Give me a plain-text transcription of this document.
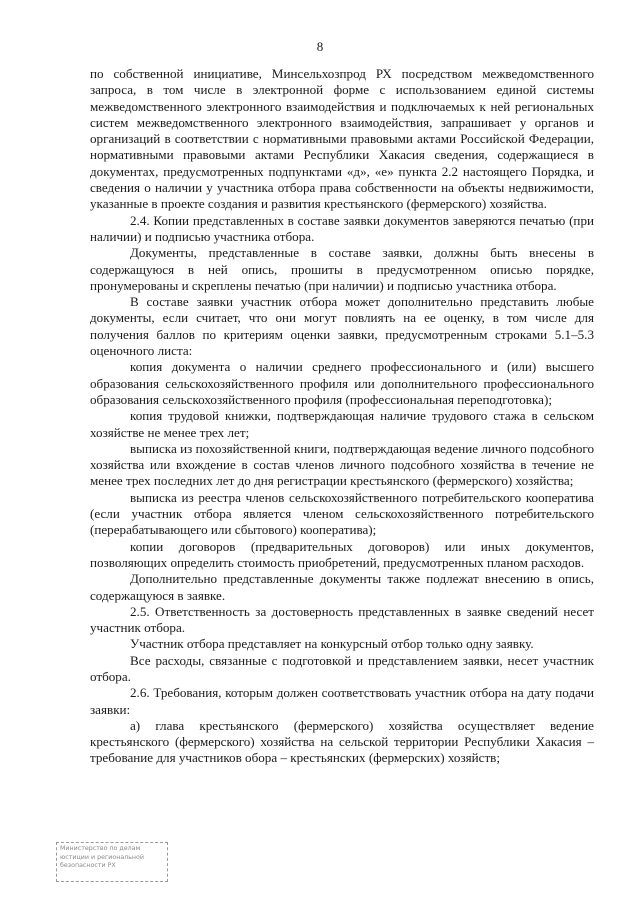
8

по собственной инициативе, Минсельхозпрод РХ посредством межведомственного запроса, в том числе в электронной форме с использованием единой системы межведомственного электронного взаимодействия и подключаемых к ней региональных систем межведомственного электронного взаимодействия, запрашивает у органов и организаций в соответствии с нормативными правовыми актами Российской Федерации, нормативными правовыми актами Республики Хакасия сведения, содержащиеся в документах, предусмотренных подпунктами «д», «е» пункта 2.2 настоящего Порядка, и сведения о наличии у участника отбора права собственности на объекты недвижимости, указанные в проекте создания и развития крестьянского (фермерского) хозяйства.

2.4. Копии представленных в составе заявки документов заверяются печатью (при наличии) и подписью участника отбора.

Документы, представленные в составе заявки, должны быть внесены в содержащуюся в ней опись, прошиты в предусмотренном описью порядке, пронумерованы и скреплены печатью (при наличии) и подписью участника отбора.

В составе заявки участник отбора может дополнительно представить любые документы, если считает, что они могут повлиять на ее оценку, в том числе для получения баллов по критериям оценки заявки, предусмотренным строками 5.1–5.3 оценочного листа:

копия документа о наличии среднего профессионального и (или) высшего образования сельскохозяйственного профиля или дополнительного профессионального образования сельскохозяйственного профиля (профессиональная переподготовка);

копия трудовой книжки, подтверждающая наличие трудового стажа в сельском хозяйстве не менее трех лет;

выписка из похозяйственной книги, подтверждающая ведение личного подсобного хозяйства или вхождение в состав членов личного подсобного хозяйства в течение не менее трех последних лет до дня регистрации крестьянского (фермерского) хозяйства;

выписка из реестра членов сельскохозяйственного потребительского кооператива (если участник отбора является членом сельскохозяйственного потребительского (перерабатывающего или сбытового) кооператива);

копии договоров (предварительных договоров) или иных документов, позволяющих определить стоимость приобретений, предусмотренных планом расходов.

Дополнительно представленные документы также подлежат внесению в опись, содержащуюся в заявке.

2.5. Ответственность за достоверность представленных в заявке сведений несет участник отбора.

Участник отбора представляет на конкурсный отбор только одну заявку.

Все расходы, связанные с подготовкой и представлением заявки, несет участник отбора.

2.6. Требования, которым должен соответствовать участник отбора на дату подачи заявки:

а) глава крестьянского (фермерского) хозяйства осуществляет ведение крестьянского (фермерского) хозяйства на сельской территории Республики Хакасия – требование для участников обора – крестьянских (фермерских) хозяйств;

Министерство по делам
юстиции и региональной
безопасности РХ
